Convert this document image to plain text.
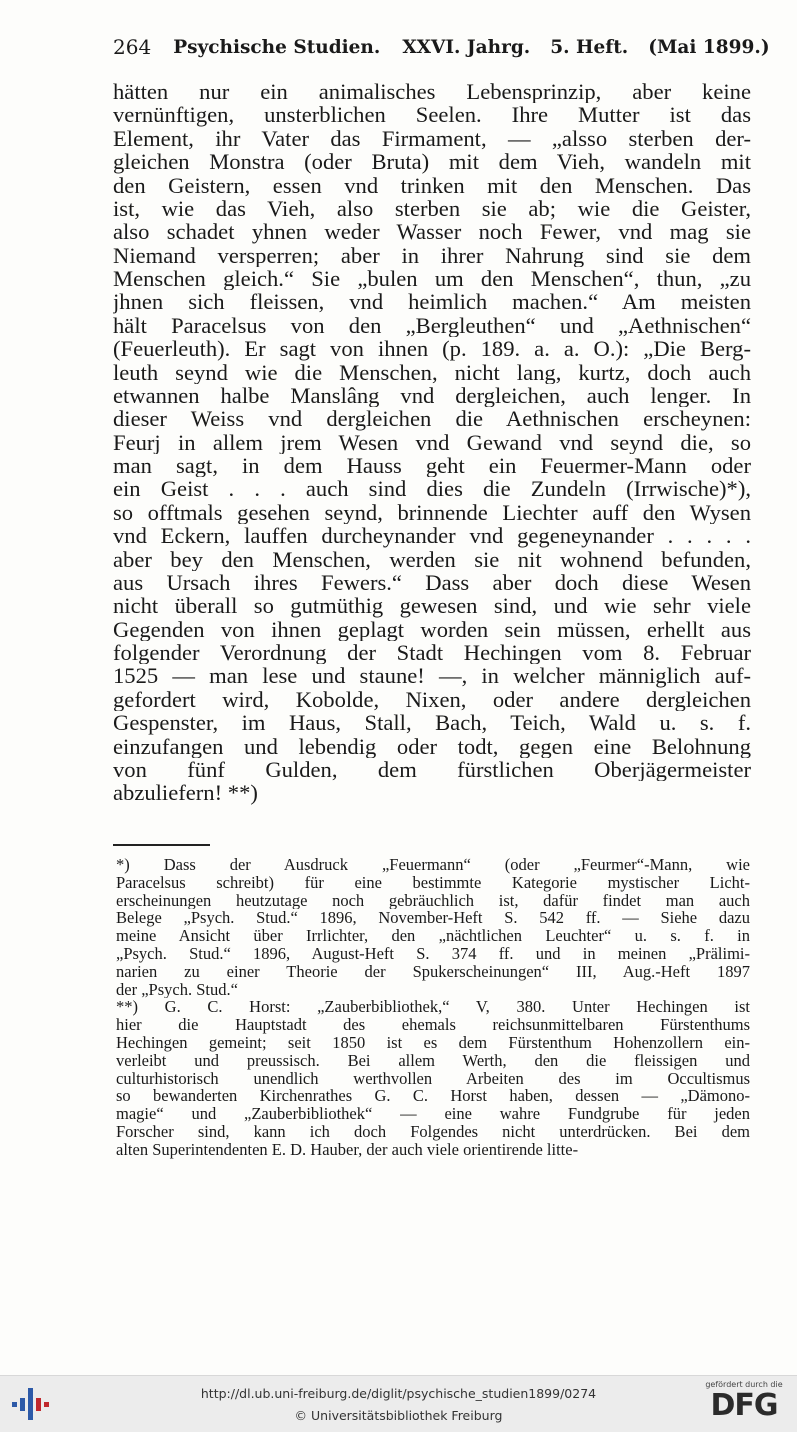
264 Psychische Studien. XXVI. Jahrg. 5. Heft. (Mai 1899.)
hätten nur ein animalisches Lebensprinzip, aber keine
vernünftigen, unsterblichen Seelen. Ihre Mutter ist das
Element, ihr Vater das Firmament, — „alsso sterben der-
gleichen Monstra (oder Bruta) mit dem Vieh, wandeln mit
den Geistern, essen vnd trinken mit den Menschen. Das
ist, wie das Vieh, also sterben sie ab; wie die Geister,
also schadet yhnen weder Wasser noch Fewer, vnd mag sie
Niemand versperren; aber in ihrer Nahrung sind sie dem
Menschen gleich.“ Sie „bulen um den Menschen“, thun, „zu
jhnen sich fleissen, vnd heimlich machen.“ Am meisten
hält Paracelsus von den „Bergleuthen“ und „Aethnischen“
(Feuerleuth). Er sagt von ihnen (p. 189. a. a. O.): „Die Berg-
leuth seynd wie die Menschen, nicht lang, kurtz, doch auch
etwannen halbe Manslâng vnd dergleichen, auch lenger. In
dieser Weiss vnd dergleichen die Aethnischen erscheynen:
Feurj in allem jrem Wesen vnd Gewand vnd seynd die, so
man sagt, in dem Hauss geht ein Feuermer-Mann oder
ein Geist . . . auch sind dies die Zundeln (Irrwische)*),
so offtmals gesehen seynd, brinnende Liechter auff den Wysen
vnd Eckern, lauffen durcheynander vnd gegeneynander . . . . .
aber bey den Menschen, werden sie nit wohnend befunden,
aus Ursach ihres Fewers.“ Dass aber doch diese Wesen
nicht überall so gutmüthig gewesen sind, und wie sehr viele
Gegenden von ihnen geplagt worden sein müssen, erhellt aus
folgender Verordnung der Stadt Hechingen vom 8. Februar
1525 — man lese und staune! —, in welcher männiglich auf-
gefordert wird, Kobolde, Nixen, oder andere dergleichen
Gespenster, im Haus, Stall, Bach, Teich, Wald u. s. f.
einzufangen und lebendig oder todt, gegen eine Belohnung
von fünf Gulden, dem fürstlichen Oberjägermeister
abzuliefern! **)
*) Dass der Ausdruck „Feuermann“ (oder „Feurmer“-Mann, wie
Paracelsus schreibt) für eine bestimmte Kategorie mystischer Licht-
erscheinungen heutzutage noch gebräuchlich ist, dafür findet man auch
Belege „Psych. Stud.“ 1896, November-Heft S. 542 ff. — Siehe dazu
meine Ansicht über Irrlichter, den „nächtlichen Leuchter“ u. s. f. in
„Psych. Stud.“ 1896, August-Heft S. 374 ff. und in meinen „Prälimi-
narien zu einer Theorie der Spukerscheinungen“ III, Aug.-Heft 1897
der „Psych. Stud.“
**) G. C. Horst: „Zauberbibliothek,“ V, 380. Unter Hechingen ist
hier die Hauptstadt des ehemals reichsunmittelbaren Fürstenthums
Hechingen gemeint; seit 1850 ist es dem Fürstenthum Hohenzollern ein-
verleibt und preussisch. Bei allem Werth, den die fleissigen und
culturhistorisch unendlich werthvollen Arbeiten des im Occultismus
so bewanderten Kirchenrathes G. C. Horst haben, dessen — „Dämono-
magie“ und „Zauberbibliothek“ — eine wahre Fundgrube für jeden
Forscher sind, kann ich doch Folgendes nicht unterdrücken. Bei dem
alten Superintendenten E. D. Hauber, der auch viele orientirende litte-
http://dl.ub.uni-freiburg.de/diglit/psychische_studien1899/0274
© Universitätsbibliothek Freiburg
gefördert durch die
DFG
